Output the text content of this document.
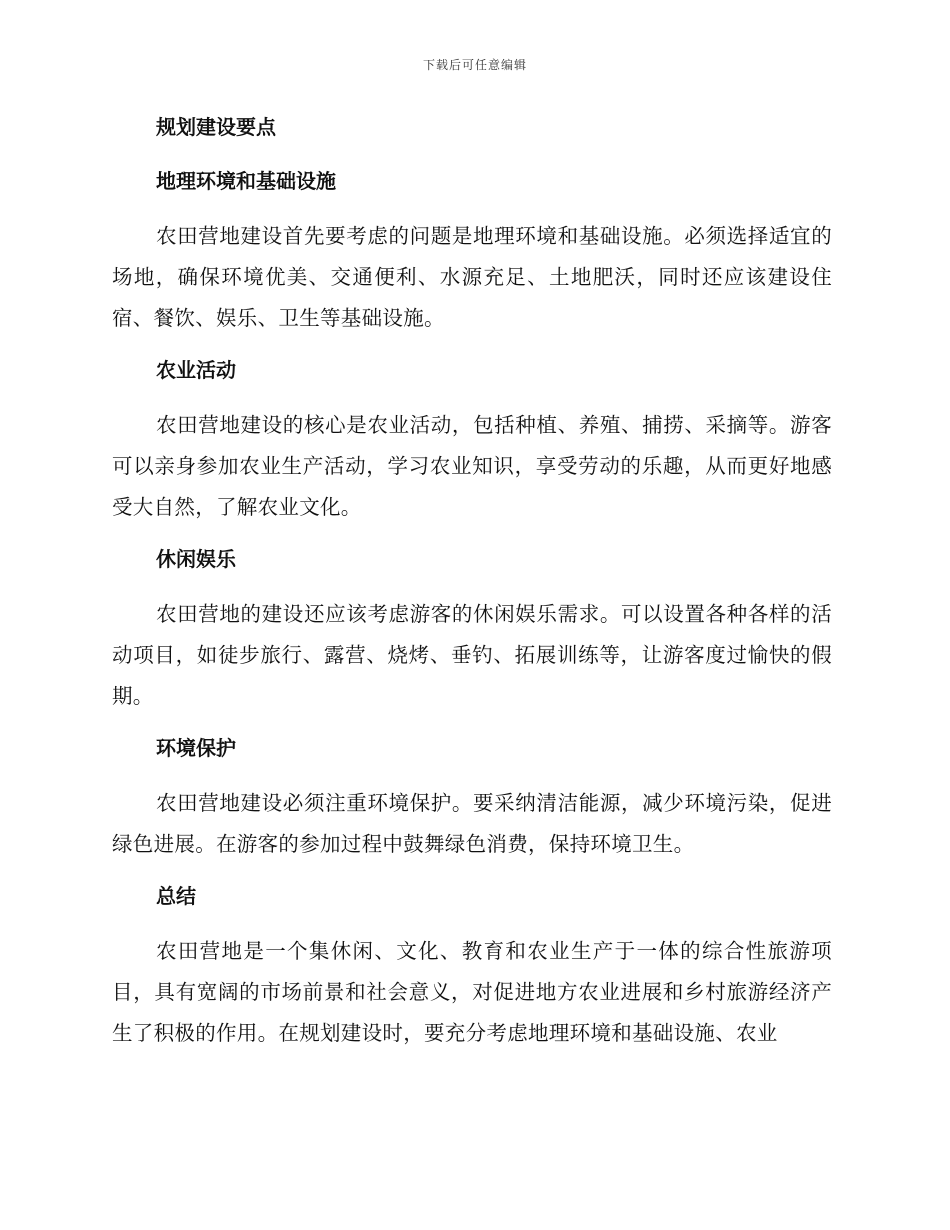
下载后可任意编辑
规划建设要点
地理环境和基础设施

农田营地建设首先要考虑的问题是地理环境和基础设施。必须选择适宜的场地，确保环境优美、交通便利、水源充足、土地肥沃，同时还应该建设住宿、餐饮、娱乐、卫生等基础设施。

农业活动

农田营地建设的核心是农业活动，包括种植、养殖、捕捞、采摘等。游客可以亲身参加农业生产活动，学习农业知识，享受劳动的乐趣，从而更好地感受大自然，了解农业文化。

休闲娱乐

农田营地的建设还应该考虑游客的休闲娱乐需求。可以设置各种各样的活动项目，如徒步旅行、露营、烧烤、垂钓、拓展训练等，让游客度过愉快的假期。

环境保护

农田营地建设必须注重环境保护。要采纳清洁能源，减少环境污染，促进绿色进展。在游客的参加过程中鼓舞绿色消费，保持环境卫生。

总结

农田营地是一个集休闲、文化、教育和农业生产于一体的综合性旅游项目，具有宽阔的市场前景和社会意义，对促进地方农业进展和乡村旅游经济产生了积极的作用。在规划建设时，要充分考虑地理环境和基础设施、农业
